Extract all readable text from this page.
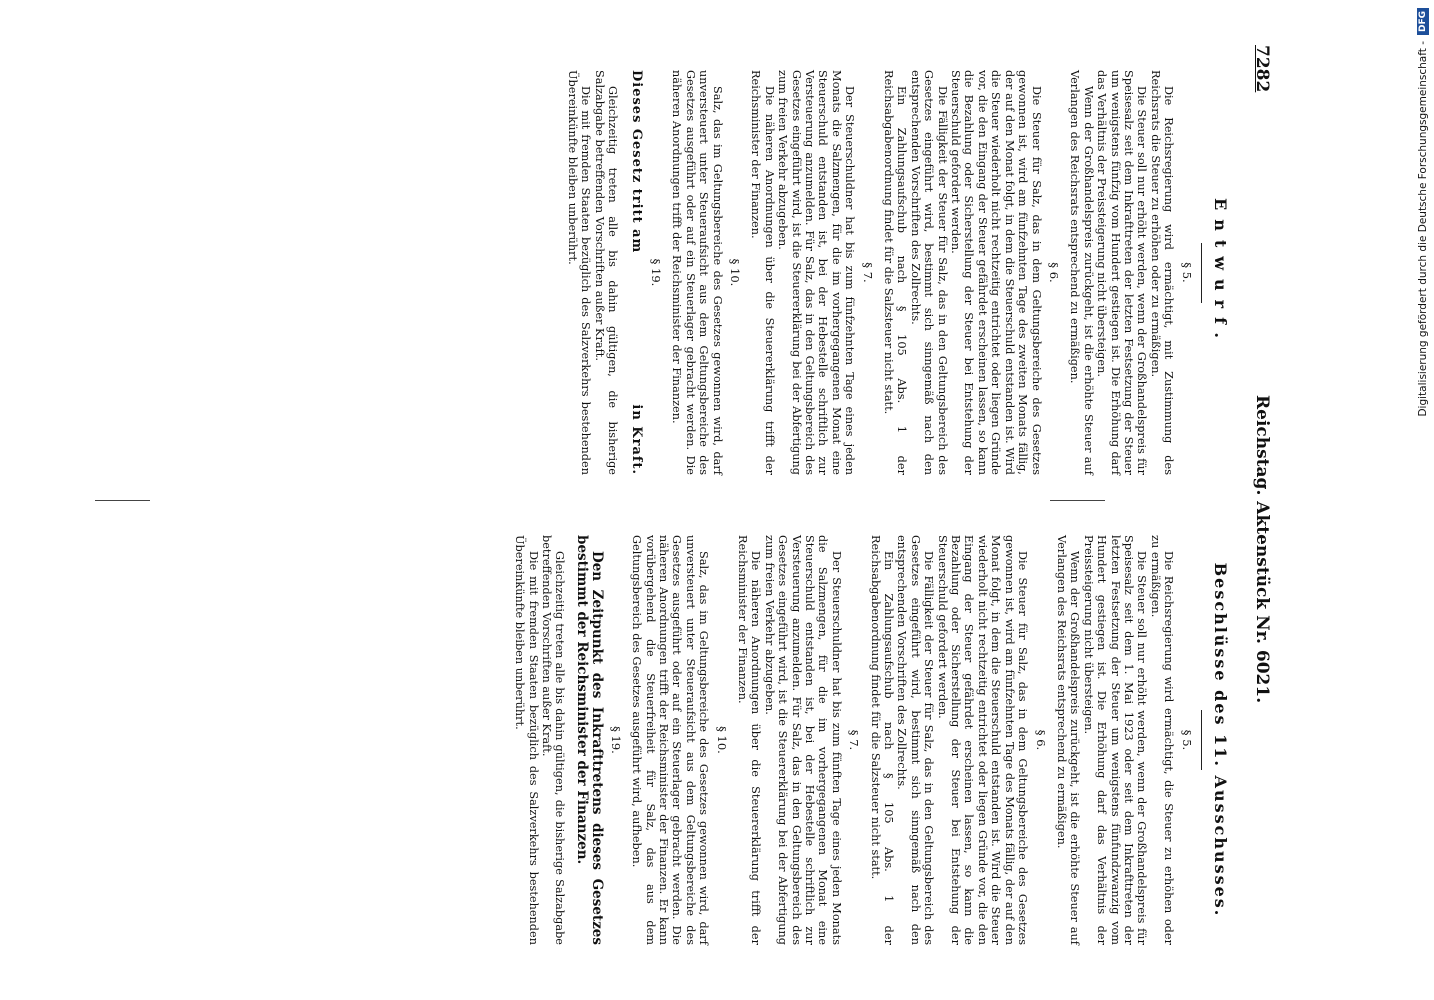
7282
Reichstag. Aktenstück Nr. 6021.
Entwurf.
§ 5.

Die Reichsregierung wird ermächtigt, mit Zustimmung des Reichsrats die Steuer zu erhöhen oder zu ermäßigen.

Die Steuer soll nur erhöht werden, wenn der Großhandelspreis für Speisesalz seit dem Inkrafttreten der letzten Festsetzung der Steuer um wenigstens fünfzig vom Hundert gestiegen ist. Die Erhöhung darf das Verhältnis der Preissteigerung nicht übersteigen.

Wenn der Großhandelspreis zurückgeht, ist die erhöhte Steuer auf Verlangen des Reichsrats entsprechend zu ermäßigen.

§ 6.

Die Steuer für Salz, das in dem Geltungsbereiche des Gesetzes gewonnen ist, wird am fünfzehnten Tage des zweiten Monats fällig, der auf den Monat folgt, in dem die Steuerschuld entstanden ist. Wird die Steuer wiederholt nicht rechtzeitig entrichtet oder liegen Gründe vor, die den Eingang der Steuer gefährdet erscheinen lassen, so kann die Bezahlung oder Sicherstellung der Steuer bei Entstehung der Steuerschuld gefordert werden.

Die Fälligkeit der Steuer für Salz, das in den Geltungsbereich des Gesetzes eingeführt wird, bestimmt sich sinngemäß nach den entsprechenden Vorschriften des Zollrechts.

Ein Zahlungsaufschub nach § 105 Abs. 1 der Reichsabgabenordnung findet für die Salzsteuer nicht statt.

§ 7.

Der Steuerschuldner hat bis zum fünfzehnten Tage eines jeden Monats die Salzmengen, für die im vorhergegangenen Monat eine Steuerschuld entstanden ist, bei der Hebestelle schriftlich zur Versteuerung anzumelden. Für Salz, das in den Geltungsbereich des Gesetzes eingeführt wird, ist die Steuererklärung bei der Abfertigung zum freien Verkehr abzugeben.

Die näheren Anordnungen über die Steuererklärung trifft der Reichsminister der Finanzen.

§ 10.

Salz, das im Geltungsbereiche des Gesetzes gewonnen wird, darf unversteuert unter Steueraufsicht aus dem Geltungsbereiche des Gesetzes ausgeführt oder auf ein Steuerlager gebracht werden. Die näheren Anordnungen trifft der Reichsminister der Finanzen.

§ 19.
Dieses Gesetz tritt am
in Kraft.

Gleichzeitig treten alle bis dahin gültigen, die bisherige Salzabgabe betreffenden Vorschriften außer Kraft.

Die mit fremden Staaten bezüglich des Salzverkehrs bestehenden Übereinkünfte bleiben unberührt.

Beschlüsse des 11. Ausschusses.
§ 5.

Die Reichsregierung wird ermächtigt, die Steuer zu erhöhen oder zu ermäßigen.

Die Steuer soll nur erhöht werden, wenn der Großhandelspreis für Speisesalz seit dem 1. Mai 1923 oder seit dem Inkrafttreten der letzten Festsetzung der Steuer um wenigstens fünfundzwanzig vom Hundert gestiegen ist. Die Erhöhung darf das Verhältnis der Preissteigerung nicht übersteigen.

Wenn der Großhandelspreis zurückgeht, ist die erhöhte Steuer auf Verlangen des Reichsrats entsprechend zu ermäßigen.

§ 6.

Die Steuer für Salz, das in dem Geltungsbereiche des Gesetzes gewonnen ist, wird am fünfzehnten Tage des Monats fällig, der auf den Monat folgt, in dem die Steuerschuld entstanden ist. Wird die Steuer wiederholt nicht rechtzeitig entrichtet oder liegen Gründe vor, die den Eingang der Steuer gefährdet erscheinen lassen, so kann die Bezahlung oder Sicherstellung der Steuer bei Entstehung der Steuerschuld gefordert werden.

Die Fälligkeit der Steuer für Salz, das in den Geltungsbereich des Gesetzes eingeführt wird, bestimmt sich sinngemäß nach den entsprechenden Vorschriften des Zollrechts.

Ein Zahlungsaufschub nach § 105 Abs. 1 der Reichsabgabenordnung findet für die Salzsteuer nicht statt.

§ 7.

Der Steuerschuldner hat bis zum fünften Tage eines jeden Monats die Salzmengen, für die im vorhergegangenen Monat eine Steuerschuld entstanden ist, bei der Hebestelle schriftlich zur Versteuerung anzumelden. Für Salz, das in den Geltungsbereich des Gesetzes eingeführt wird, ist die Steuererklärung bei der Abfertigung zum freien Verkehr abzugeben.

Die näheren Anordnungen über die Steuererklärung trifft der Reichsminister der Finanzen.

§ 10.

Salz, das im Geltungsbereiche des Gesetzes gewonnen wird, darf unversteuert unter Steueraufsicht aus dem Geltungsbereiche des Gesetzes ausgeführt oder auf ein Steuerlager gebracht werden. Die näheren Anordnungen trifft der Reichsminister der Finanzen. Er kann vorübergehend die Steuerfreiheit für Salz, das aus dem Geltungsbereich des Gesetzes ausgeführt wird, aufheben.

§ 19.

Den Zeitpunkt des Inkrafttretens dieses Gesetzes bestimmt der Reichsminister der Finanzen.

Gleichzeitig treten alle bis dahin gültigen, die bisherige Salzabgabe betreffenden Vorschriften außer Kraft.

Die mit fremden Staaten bezüglich des Salzverkehrs bestehenden Übereinkünfte bleiben unberührt.

Digitalisierung gefördert durch die Deutsche Forschungsgemeinschaft -
DFG
